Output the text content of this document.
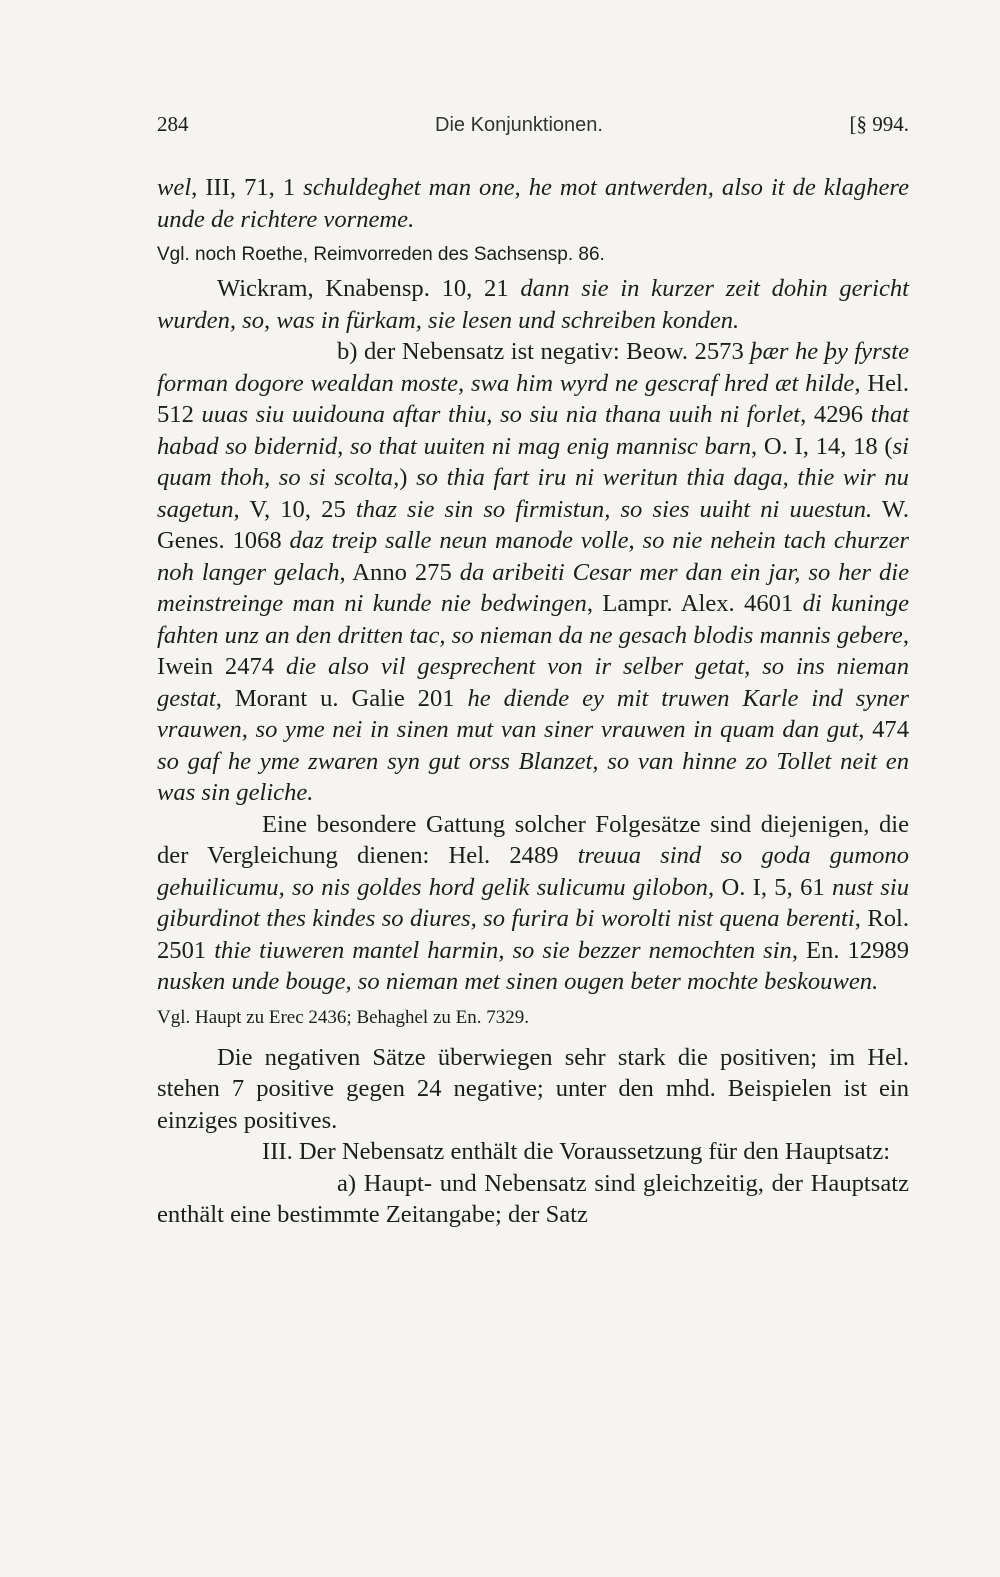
284	Die Konjunktionen.	[§ 994.

wel, III, 71, 1 schuldeghet man one, he mot antwerden, also it de klaghere unde de richtere vorneme.

Vgl. noch Roethe, Reimvorreden des Sachsensp. 86.

Wickram, Knabensp. 10, 21 dann sie in kurzer zeit dohin gericht wurden, so, was in fürkam, sie lesen und schreiben konden.

b) der Nebensatz ist negativ: Beow. 2573 þær he þy fyrste forman dogore wealdan moste, swa him wyrd ne gescraf hred æt hilde, Hel. 512 uuas siu uuidouna aftar thiu, so siu nia thana uuih ni forlet, 4296 that habad so bidernid, so that uuiten ni mag enig mannisc barn, O. I, 14, 18 (si quam thoh, so si scolta,) so thia fart iru ni weritun thia daga, thie wir nu sagetun, V, 10, 25 thaz sie sin so firmistun, so sies uuiht ni uuestun. W. Genes. 1068 daz treip salle neun manode volle, so nie nehein tach churzer noh langer gelach, Anno 275 da aribeiti Cesar mer dan ein jar, so her die meinstreinge man ni kunde nie bedwingen, Lampr. Alex. 4601 di kuninge fahten unz an den dritten tac, so nieman da ne gesach blodis mannis gebere, Iwein 2474 die also vil gesprechent von ir selber getat, so ins nieman gestat, Morant u. Galie 201 he diende ey mit truwen Karle ind syner vrauwen, so yme nei in sinen mut van siner vrauwen in quam dan gut, 474 so gaf he yme zwaren syn gut orss Blanzet, so van hinne zo Tollet neit en was sin geliche.

Eine besondere Gattung solcher Folgesätze sind diejenigen, die der Vergleichung dienen: Hel. 2489 treuua sind so goda gumono gehuilicumu, so nis goldes hord gelik sulicumu gilobon, O. I, 5, 61 nust siu giburdinot thes kindes so diures, so furira bi worolti nist quena berenti, Rol. 2501 thie tiuweren mantel harmin, so sie bezzer nemochten sin, En. 12989 nusken unde bouge, so nieman met sinen ougen beter mochte beskouwen.

Vgl. Haupt zu Erec 2436; Behaghel zu En. 7329.

Die negativen Sätze überwiegen sehr stark die positiven; im Hel. stehen 7 positive gegen 24 negative; unter den mhd. Beispielen ist ein einziges positives.

III. Der Nebensatz enthält die Voraussetzung für den Hauptsatz:

a) Haupt- und Nebensatz sind gleichzeitig, der Hauptsatz enthält eine bestimmte Zeitangabe; der Satz
